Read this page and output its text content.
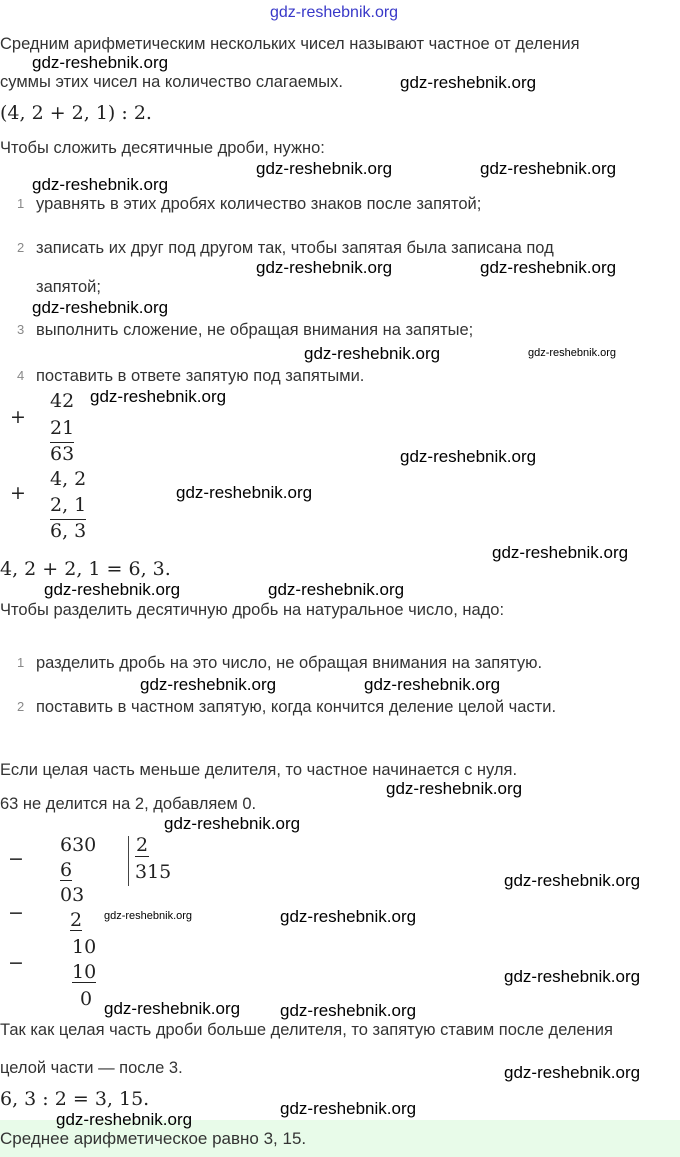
gdz-reshebnik.org
Средним арифметическим нескольких чисел называют частное от деления
суммы этих чисел на количество слагаемых.
(4, 2 + 2, 1) : 2.
Чтобы сложить десятичные дроби, нужно:
1 уравнять в этих дробях количество знаков после запятой;
2 записать их друг под другом так, чтобы запятая была записана под
запятой;
3 выполнить сложение, не обращая внимания на запятые;
4 поставить в ответе запятую под запятыми.
+
42
21
63
+
4, 2
2, 1
6, 3
4, 2 + 2, 1 = 6, 3.
Чтобы разделить десятичную дробь на натуральное число, надо:
1 разделить дробь на это число, не обращая внимания на запятую.
2 поставить в частном запятую, когда кончится деление целой части.
Если целая часть меньше делителя, то частное начинается с нуля.
63 не делится на 2, добавляем 0.
−
−
−
630 2
315
6
03
2
10
10
0
Так как целая часть дроби больше делителя, то запятую ставим после деления
целой части — после 3.
6, 3 : 2 = 3, 15.
Среднее арифметическое равно 3, 15.
gdz-reshebnik.org
gdz-reshebnik.org
gdz-reshebnik.org	gdz-reshebnik.org
gdz-reshebnik.org
gdz-reshebnik.org	gdz-reshebnik.org
gdz-reshebnik.org
gdz-reshebnik.org	gdz-reshebnik.org
gdz-reshebnik.org
gdz-reshebnik.org
gdz-reshebnik.org
gdz-reshebnik.org
gdz-reshebnik.org
gdz-reshebnik.org
gdz-reshebnik.org
gdz-reshebnik.org
gdz-reshebnik.org
gdz-reshebnik.org
gdz-reshebnik.org
gdz-reshebnik.org	gdz-reshebnik.org
gdz-reshebnik.org
gdz-reshebnik.org
gdz-reshebnik.org
gdz-reshebnik.org
gdz-reshebnik.org
gdz-reshebnik.org
